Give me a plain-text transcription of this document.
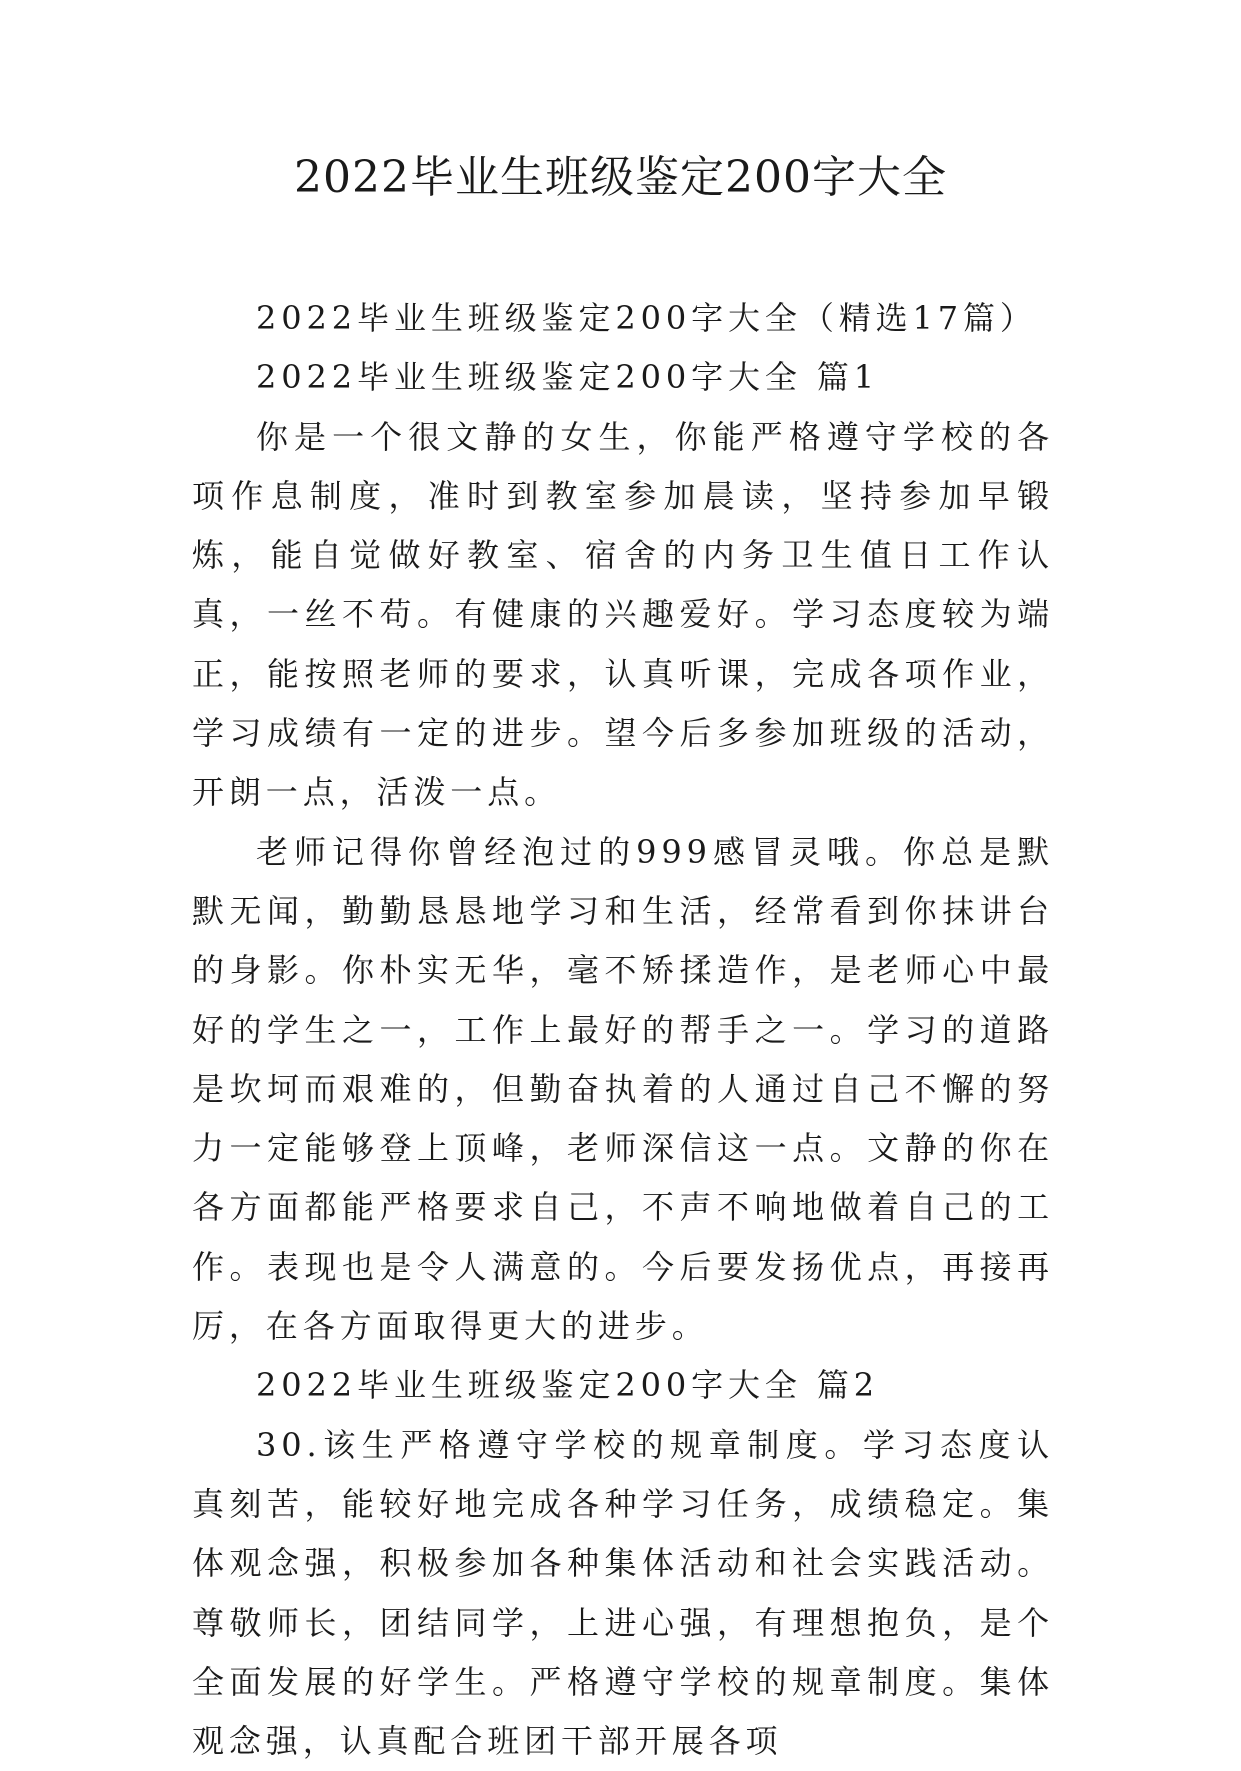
2022毕业生班级鉴定200字大全

2022毕业生班级鉴定200字大全（精选17篇）

2022毕业生班级鉴定200字大全 篇1

你是一个很文静的女生，你能严格遵守学校的各项作息制度，准时到教室参加晨读，坚持参加早锻炼，能自觉做好教室、宿舍的内务卫生值日工作认真，一丝不苟。有健康的兴趣爱好。学习态度较为端正，能按照老师的要求，认真听课，完成各项作业，学习成绩有一定的进步。望今后多参加班级的活动，开朗一点，活泼一点。

老师记得你曾经泡过的999感冒灵哦。你总是默默无闻，勤勤恳恳地学习和生活，经常看到你抹讲台的身影。你朴实无华，毫不矫揉造作，是老师心中最好的学生之一，工作上最好的帮手之一。学习的道路是坎坷而艰难的，但勤奋执着的人通过自己不懈的努力一定能够登上顶峰，老师深信这一点。文静的你在各方面都能严格要求自己，不声不响地做着自己的工作。表现也是令人满意的。今后要发扬优点，再接再厉，在各方面取得更大的进步。

2022毕业生班级鉴定200字大全 篇2

30.该生严格遵守学校的规章制度。学习态度认真刻苦，能较好地完成各种学习任务，成绩稳定。集体观念强，积极参加各种集体活动和社会实践活动。尊敬师长，团结同学，上进心强，有理想抱负，是个全面发展的好学生。严格遵守学校的规章制度。集体观念强，认真配合班团干部开展各项
